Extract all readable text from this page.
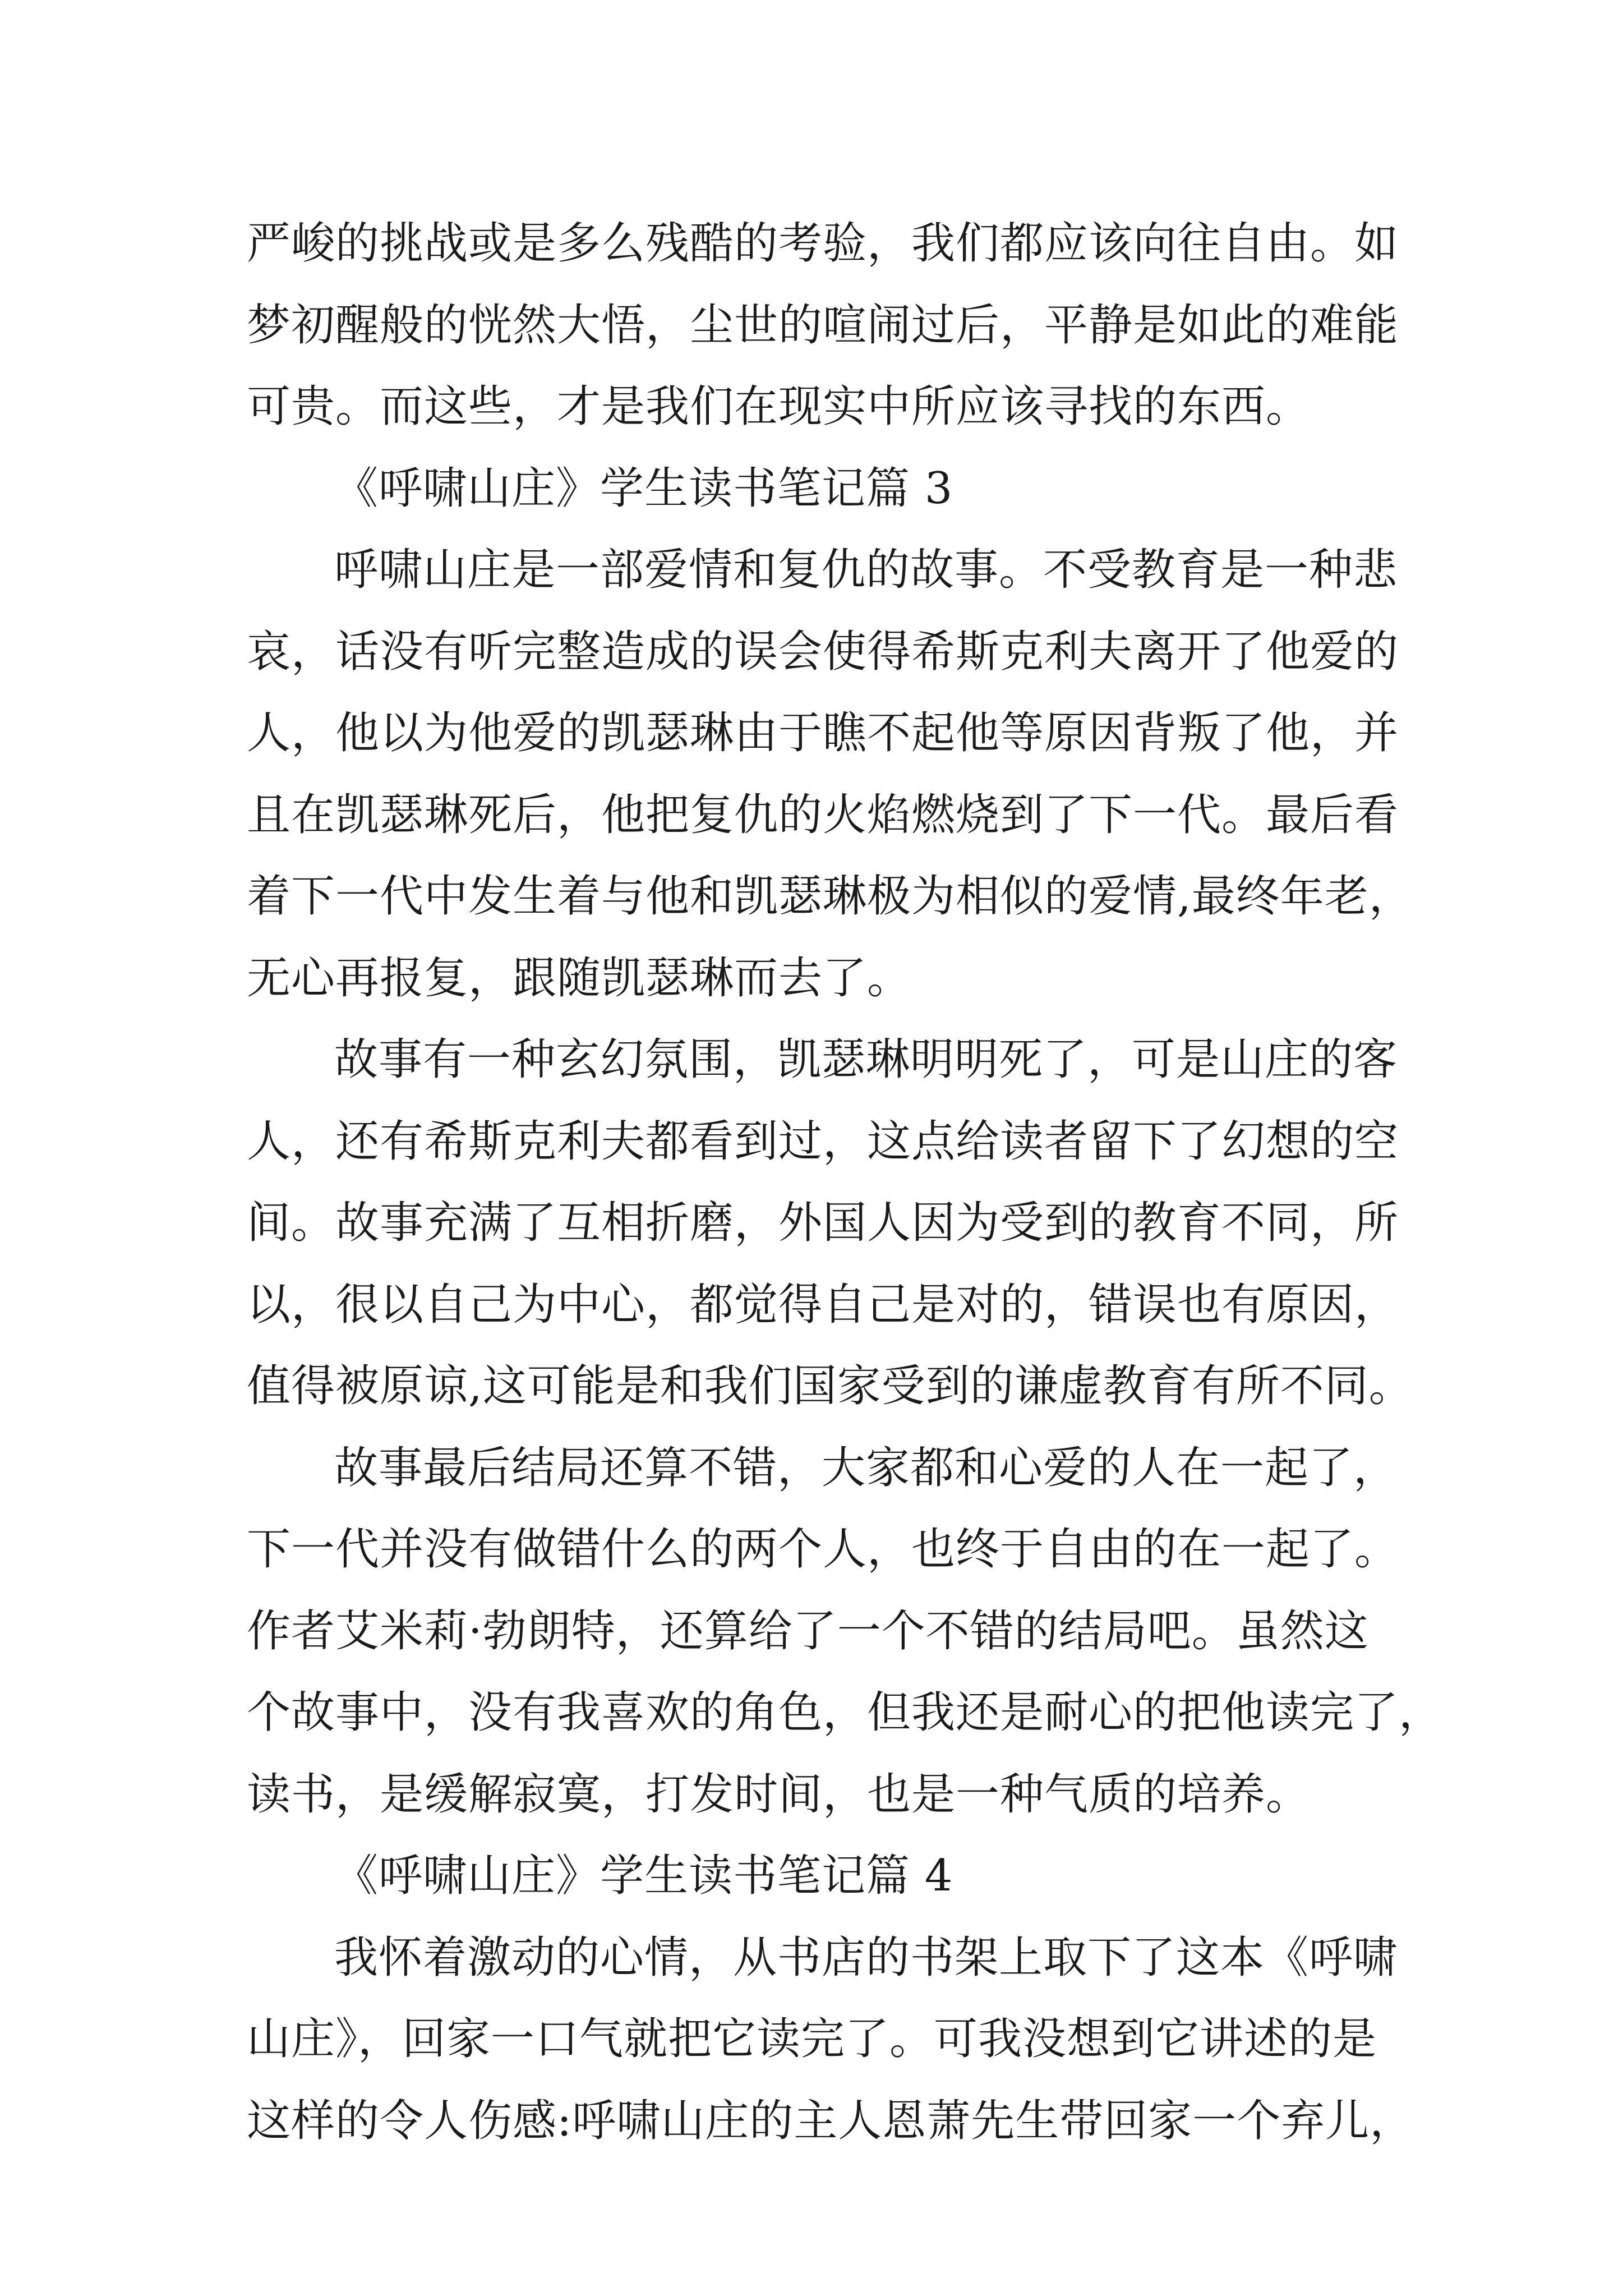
严峻的挑战或是多么残酷的考验，我们都应该向往自由。如
梦初醒般的恍然大悟，尘世的喧闹过后，平静是如此的难能
可贵。而这些，才是我们在现实中所应该寻找的东西。
《呼啸山庄》学生读书笔记篇 3
呼啸山庄是一部爱情和复仇的故事。不受教育是一种悲
哀，话没有听完整造成的误会使得希斯克利夫离开了他爱的
人，他以为他爱的凯瑟琳由于瞧不起他等原因背叛了他，并
且在凯瑟琳死后，他把复仇的火焰燃烧到了下一代。最后看
着下一代中发生着与他和凯瑟琳极为相似的爱情,最终年老，
无心再报复，跟随凯瑟琳而去了。
故事有一种玄幻氛围，凯瑟琳明明死了，可是山庄的客
人，还有希斯克利夫都看到过，这点给读者留下了幻想的空
间。故事充满了互相折磨，外国人因为受到的教育不同，所
以，很以自己为中心，都觉得自己是对的，错误也有原因，
值得被原谅,这可能是和我们国家受到的谦虚教育有所不同。
故事最后结局还算不错，大家都和心爱的人在一起了，
下一代并没有做错什么的两个人，也终于自由的在一起了。
作者艾米莉·勃朗特，还算给了一个不错的结局吧。虽然这
个故事中，没有我喜欢的角色，但我还是耐心的把他读完了，
读书，是缓解寂寞，打发时间，也是一种气质的培养。
《呼啸山庄》学生读书笔记篇 4
我怀着激动的心情，从书店的书架上取下了这本《呼啸
山庄》，回家一口气就把它读完了。可我没想到它讲述的是
这样的令人伤感:呼啸山庄的主人恩萧先生带回家一个弃儿，
